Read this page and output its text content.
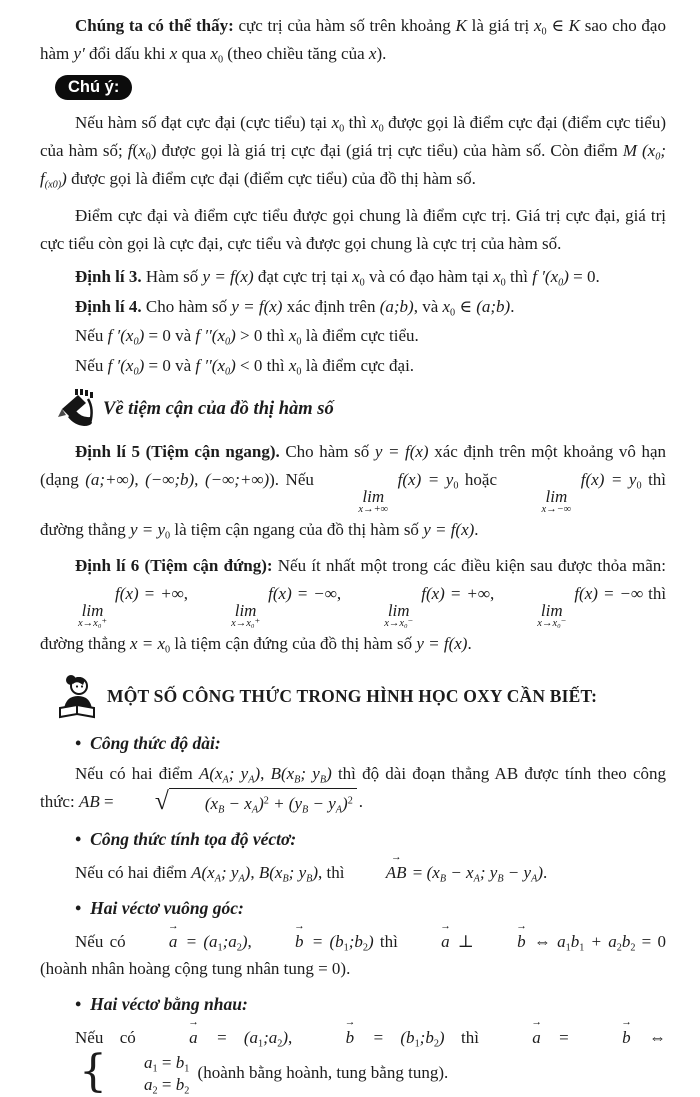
Chúng ta có thể thấy: cực trị của hàm số trên khoảng K là giá trị $x_0$ ∈ K sao cho đạo hàm y′ đổi dấu khi x qua $x_0$ (theo chiều tăng của x).

Chú ý:

Nếu hàm số đạt cực đại (cực tiểu) tại $x_0$ thì $x_0$ được gọi là điểm cực đại (điểm cực tiểu) của hàm số; $f(x_0)$ được gọi là giá trị cực đại (giá trị cực tiểu) của hàm số. Còn điểm M ($x_0$; $f_{(x0)}$) được gọi là điểm cực đại (điểm cực tiểu) của đồ thị hàm số.

Điểm cực đại và điểm cực tiểu được gọi chung là điểm cực trị. Giá trị cực đại, giá trị cực tiểu còn gọi là cực đại, cực tiểu và được gọi chung là cực trị của hàm số.

Định lí 3. Hàm số y = f(x) đạt cực trị tại $x_0$ và có đạo hàm tại $x_0$ thì f $'(x_0) = 0$.

Định lí 4. Cho hàm số y = f(x) xác định trên (a;b), và $x_0$ ∈ (a;b).

Nếu f $'(x_0) = 0$ và f $''(x_0) > 0$ thì $x_0$ là điểm cực tiểu.

Nếu f $'(x_0) = 0$ và f $''(x_0) < 0$ thì $x_0$ là điểm cực đại.

Về tiệm cận của đồ thị hàm số

Định lí 5 (Tiệm cận ngang). Cho hàm số y = f(x) xác định trên một khoảng vô hạn (dạng (a;+∞), (−∞;b), (−∞;+∞)). Nếu
lim
x→+∞
$f(x) = y_0$ hoặc
lim
x→−∞
$f(x) = y_0$ thì đường thẳng $y = y_0$ là tiệm cận ngang của đồ thị hàm số y = f(x).

Định lí 6 (Tiệm cận đứng): Nếu ít nhất một trong các điều kiện sau được thỏa mãn:
lim
x→x₀⁺
f(x) = +∞,
lim
x→x₀⁺
f(x) = −∞,
lim
x→x₀⁻
f(x) = +∞,
lim
x→x₀⁻
f(x) = −∞ thì đường thẳng $x = x_0$ là tiệm cận đứng của đồ thị hàm số y = f(x).

MỘT SỐ CÔNG THỨC TRONG HÌNH HỌC OXY CẦN BIẾT:
• Công thức độ dài:

Nếu có hai điểm $A(x_A$; $y_A$), $B(x_B$; $y_B$) thì độ dài đoạn thẳng AB được tính theo công thức: AB =	√	$(x_B - x_A)^2 + (y_B - y_A)^2$ .

• Công thức tính tọa độ véctơ:

Nếu có hai điểm $A(x_A$; $y_A$), $B(x_B$; $y_B$), thì → AB = ($x_B - x_A$; $y_B - y_A$).

• Hai véctơ vuông góc:

Nếu có → $a = (a_1;a_2)$, → $b = (b_1;b_2)$ thì → a ⊥ → b ⇔ $a_1b_1 + a_2b_2 = 0$ (hoành nhân hoàng cộng tung nhân tung = 0).

• Hai véctơ bằng nhau:

Nếu có → $a = (a_1;a_2)$, → $b = (b_1;b_2)$ thì → a = → b ⇔
{	$a_1 = b_1$
$a_2 = b_2$
(hoành bằng hoành, tung bằng tung).
